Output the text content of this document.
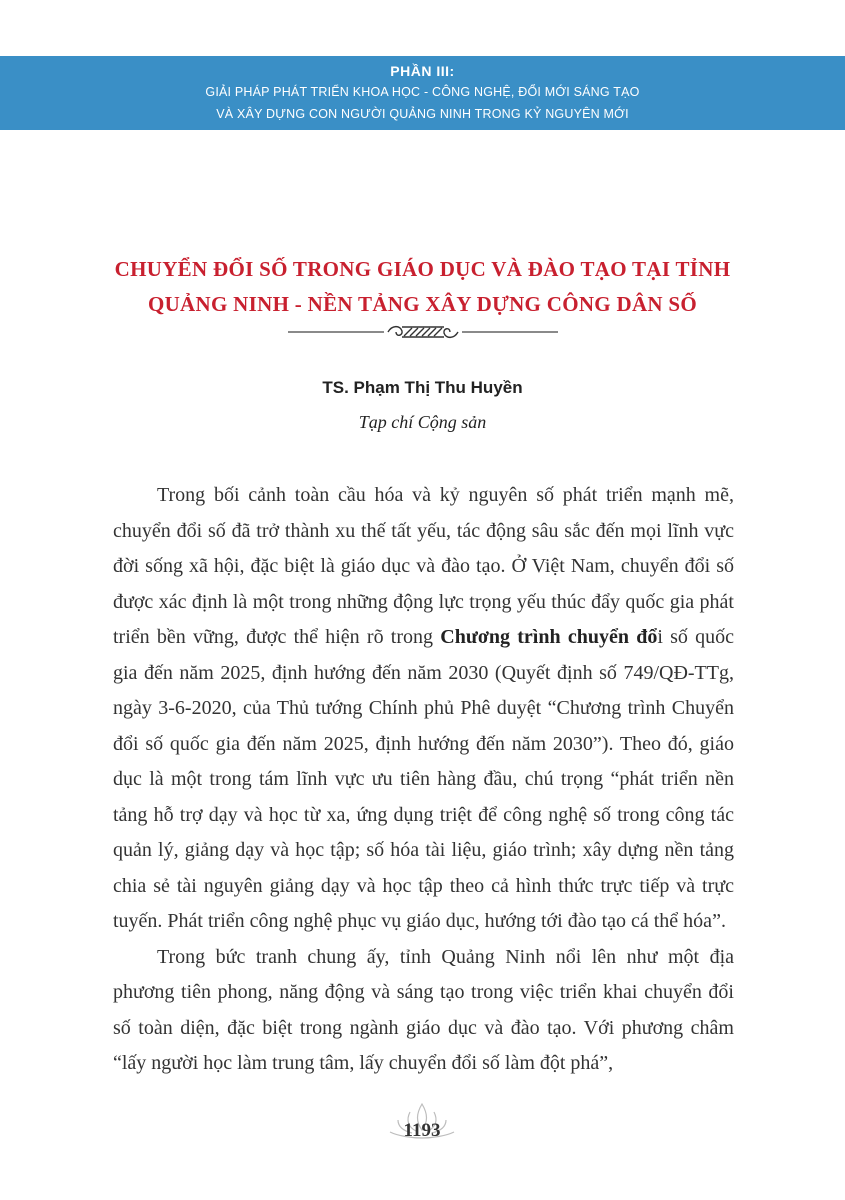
PHẦN III:
GIẢI PHÁP PHÁT TRIỂN KHOA HỌC - CÔNG NGHỆ, ĐỔI MỚI SÁNG TẠO
VÀ XÂY DỰNG CON NGƯỜI QUẢNG NINH TRONG KỶ NGUYÊN MỚI
CHUYỂN ĐỔI SỐ TRONG GIÁO DỤC VÀ ĐÀO TẠO TẠI TỈNH
QUẢNG NINH - NỀN TẢNG XÂY DỰNG CÔNG DÂN SỐ
TS. Phạm Thị Thu Huyền
Tạp chí Cộng sản

Trong bối cảnh toàn cầu hóa và kỷ nguyên số phát triển mạnh mẽ, chuyển đổi số đã trở thành xu thế tất yếu, tác động sâu sắc đến mọi lĩnh vực đời sống xã hội, đặc biệt là giáo dục và đào tạo. Ở Việt Nam, chuyển đổi số được xác định là một trong những động lực trọng yếu thúc đẩy quốc gia phát triển bền vững, được thể hiện rõ trong Chương trình chuyển đổi số quốc gia đến năm 2025, định hướng đến năm 2030 (Quyết định số 749/QĐ-TTg, ngày 3-6-2020, của Thủ tướng Chính phủ Phê duyệt “Chương trình Chuyển đổi số quốc gia đến năm 2025, định hướng đến năm 2030”). Theo đó, giáo dục là một trong tám lĩnh vực ưu tiên hàng đầu, chú trọng “phát triển nền tảng hỗ trợ dạy và học từ xa, ứng dụng triệt để công nghệ số trong công tác quản lý, giảng dạy và học tập; số hóa tài liệu, giáo trình; xây dựng nền tảng chia sẻ tài nguyên giảng dạy và học tập theo cả hình thức trực tiếp và trực tuyến. Phát triển công nghệ phục vụ giáo dục, hướng tới đào tạo cá thể hóa”.

Trong bức tranh chung ấy, tỉnh Quảng Ninh nổi lên như một địa phương tiên phong, năng động và sáng tạo trong việc triển khai chuyển đổi số toàn diện, đặc biệt trong ngành giáo dục và đào tạo. Với phương châm “lấy người học làm trung tâm, lấy chuyển đổi số làm đột phá”,

1193
